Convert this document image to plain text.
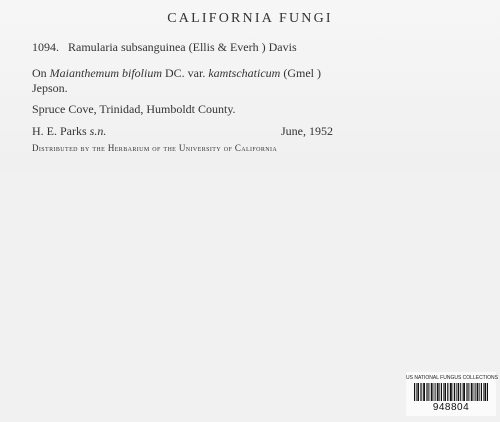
CALIFORNIA FUNGI
1094. Ramularia subsanguinea (Ellis & Everh ) Davis
On Maianthemum bifolium DC. var. kamtschaticum (Gmel )
Jepson.
Spruce Cove, Trinidad, Humboldt County.
H. E. Parks s.n.	June, 1952
Distributed by the Herbarium of the University of California
US NATIONAL FUNGUS COLLECTIONS
948804
